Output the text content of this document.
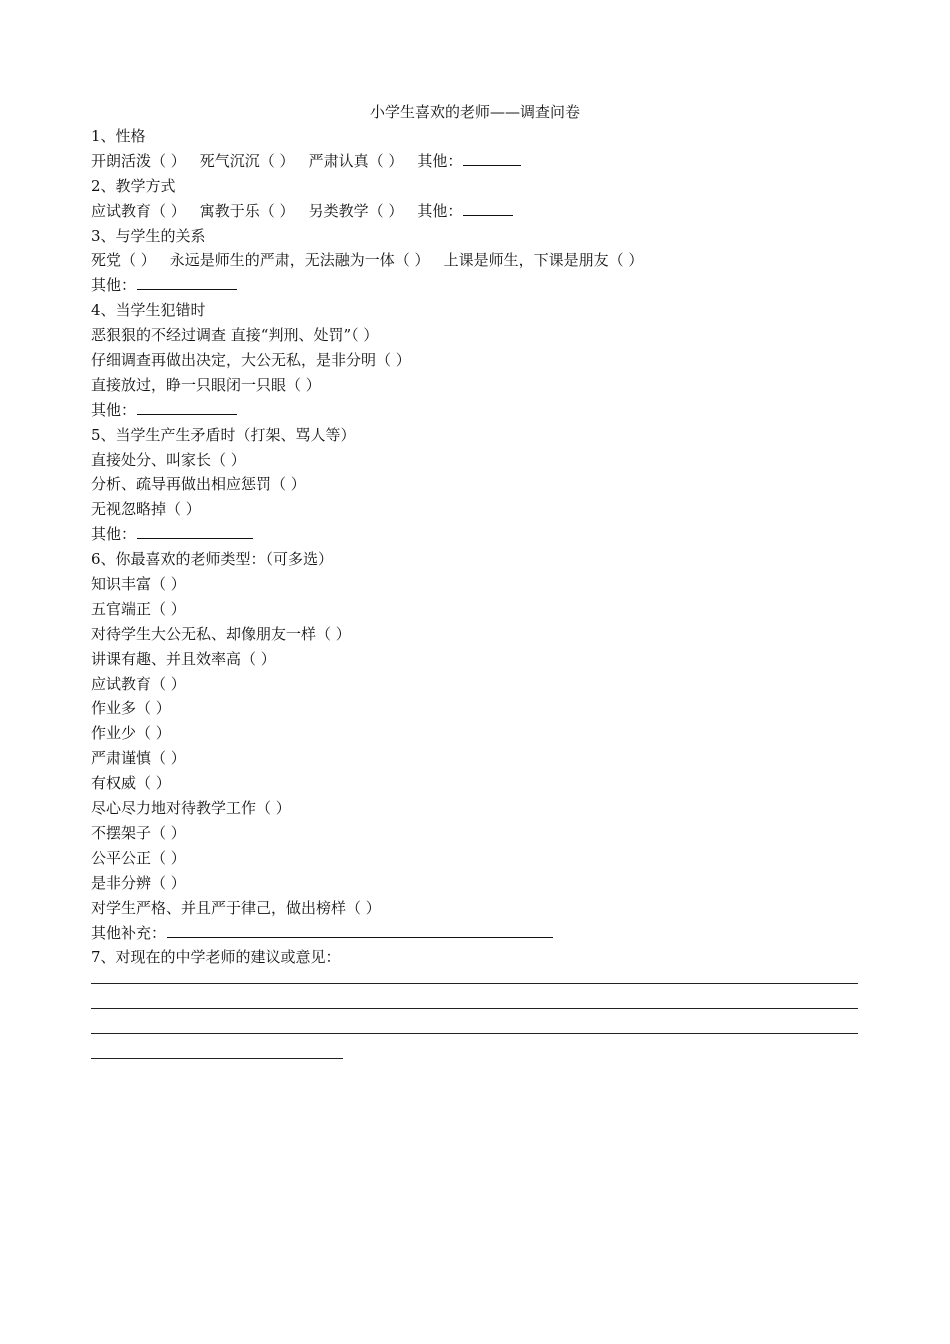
小学生喜欢的老师——调查问卷
1、性格
开朗活泼（ ） 死气沉沉（ ） 严肃认真（ ） 其他：
2、教学方式
应试教育（ ） 寓教于乐（ ） 另类教学（ ） 其他：
3、与学生的关系
死党（ ） 永远是师生的严肃，无法融为一体（ ） 上课是师生，下课是朋友（ ）
其他：
4、当学生犯错时
恶狠狠的不经过调查 直接“判刑、处罚”（ ）
仔细调查再做出决定，大公无私，是非分明（ ）
直接放过，睁一只眼闭一只眼（ ）
其他：
5、当学生产生矛盾时（打架、骂人等）
直接处分、叫家长（ ）
分析、疏导再做出相应惩罚（ ）
无视忽略掉（ ）
其他：
6、你最喜欢的老师类型：（可多选）
知识丰富（ ）
五官端正（ ）
对待学生大公无私、却像朋友一样（ ）
讲课有趣、并且效率高（ ）
应试教育（ ）
作业多（ ）
作业少（ ）
严肃谨慎（ ）
有权威（ ）
尽心尽力地对待教学工作（ ）
不摆架子（ ）
公平公正（ ）
是非分辨（ ）
对学生严格、并且严于律己，做出榜样（ ）
其他补充：
7、对现在的中学老师的建议或意见：
